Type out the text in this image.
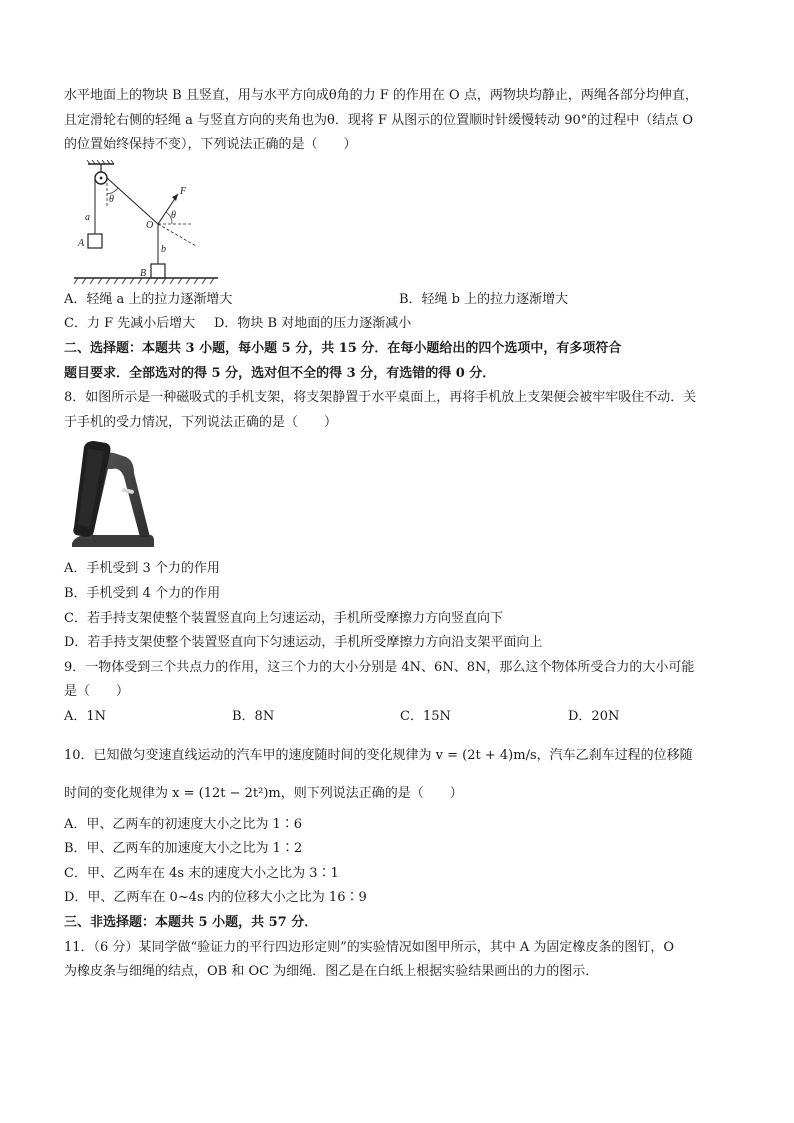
水平地面上的物块 B 且竖直，用与水平方向成θ角的力 F 的作用在 O 点，两物块均静止，两绳各部分均伸直，
且定滑轮右侧的轻绳 a 与竖直方向的夹角也为θ．现将 F 从图示的位置顺时针缓慢转动 90°的过程中（结点 O
的位置始终保持不变），下列说法正确的是（　　）
θ
θ
F
a
O
A
b
B
A．轻绳 a 上的拉力逐渐增大	B．轻绳 b 上的拉力逐渐增大
C．力 F 先减小后增大	D．物块 B 对地面的压力逐渐减小
二、选择题：本题共 3 小题，每小题 5 分，共 15 分．在每小题给出的四个选项中，有多项符合
题目要求．全部选对的得 5 分，选对但不全的得 3 分，有选错的得 0 分．
8．如图所示是一种磁吸式的手机支架，将支架静置于水平桌面上，再将手机放上支架便会被牢牢吸住不动．关
于手机的受力情况，下列说法正确的是（　　）
A．手机受到 3 个力的作用
B．手机受到 4 个力的作用
C．若手持支架使整个装置竖直向上匀速运动，手机所受摩擦力方向竖直向下
D．若手持支架使整个装置竖直向下匀速运动，手机所受摩擦力方向沿支架平面向上
9．一物体受到三个共点力的作用，这三个力的大小分别是 4N、6N、8N，那么这个物体所受合力的大小可能
是（　　）
A．1N	B．8N	C．15N	D．20N
10．已知做匀变速直线运动的汽车甲的速度随时间的变化规律为 v = (2t + 4)m/s，汽车乙刹车过程的位移随
时间的变化规律为 x = (12t − 2t²)m，则下列说法正确的是（　　）
A．甲、乙两车的初速度大小之比为 1∶6
B．甲、乙两车的加速度大小之比为 1∶2
C．甲、乙两车在 4s 末的速度大小之比为 3∶1
D．甲、乙两车在 0~4s 内的位移大小之比为 16∶9
三、非选择题：本题共 5 小题，共 57 分．
11．（6 分）某同学做“验证力的平行四边形定则”的实验情况如图甲所示，其中 A 为固定橡皮条的图钉，O
为橡皮条与细绳的结点，OB 和 OC 为细绳．图乙是在白纸上根据实验结果画出的力的图示．
